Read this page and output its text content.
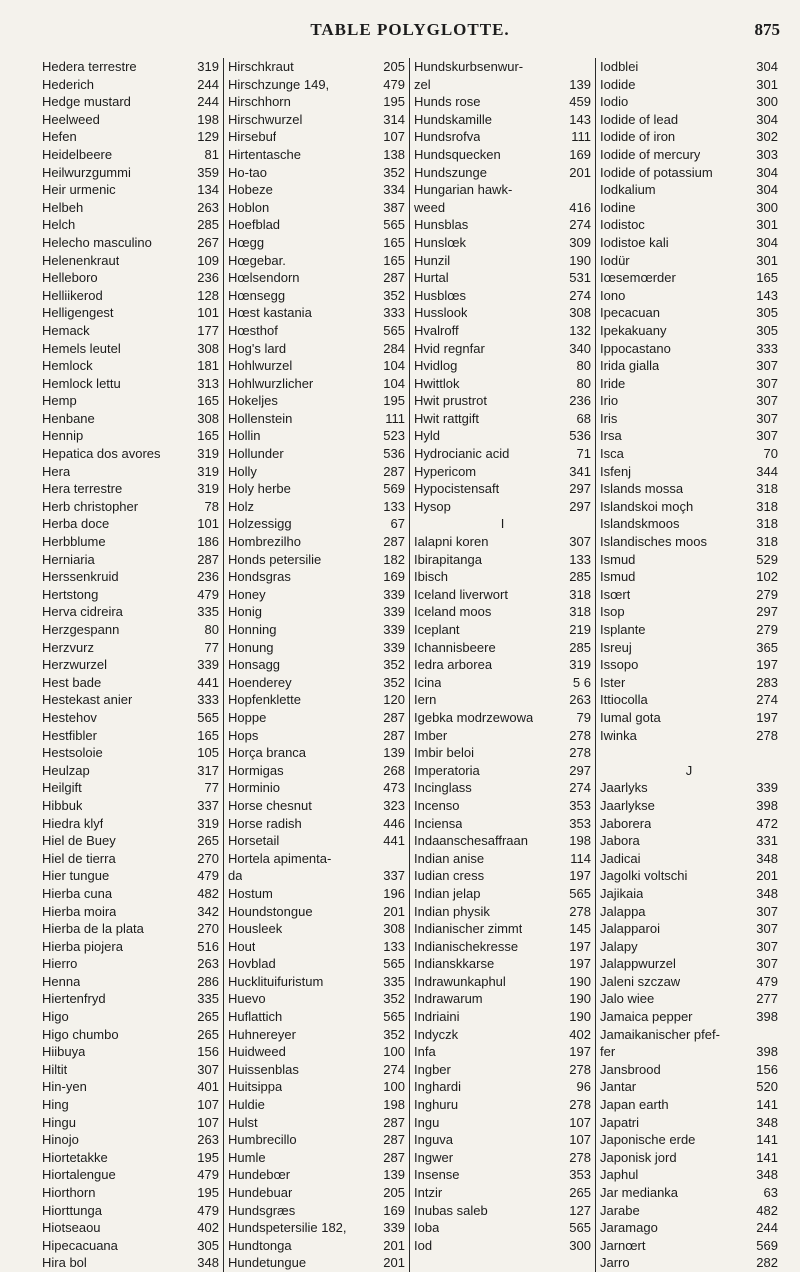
TABLE POLYGLOTTE.	875
Hedera terrestre	319
Hederich	244
Hedge mustard	244
Heelweed	198
Hefen	129
Heidelbeere	81
Heilwurzgummi	359
Heir urmenic	134
Helbeh	263
Helch	285
Helecho masculino	267
Helenenkraut	109
Helleboro	236
Helliikerod	128
Helligengest	101
Hemack	177
Hemels leutel	308
Hemlock	181
Hemlock lettu	313
Hemp	165
Henbane	308
Hennip	165
Hepatica dos avores	319
Hera	319
Hera terrestre	319
Herb christopher	78
Herba doce	101
Herbblume	186
Herniaria	287
Herssenkruid	236
Hertstong	479
Herva cidreira	335
Herzgespann	80
Herzvurz	77
Herzwurzel	339
Hest bade	441
Hestekast anier	333
Hestehov	565
Hestfibler	165
Hestsoloie	105
Heulzap	317
Heilgift	77
Hibbuk	337
Hiedra klyf	319
Hiel de Buey	265
Hiel de tierra	270
Hier tungue	479
Hierba cuna	482
Hierba moira	342
Hierba de la plata	270
Hierba piojera	516
Hierro	263
Henna	286
Hiertenfryd	335
Higo	265
Higo chumbo	265
Hiibuya	156
Hiltit	307
Hin-yen	401
Hing	107
Hingu	107
Hinojo	263
Hiortetakke	195
Hiortalengue	479
Hiorthorn	195
Hiorttunga	479
Hiotseaou	402
Hipecacuana	305
Hira bol	348
Hirschkraut	205
Hirschzunge 149,	479
Hirschhorn	195
Hirschwurzel	314
Hirsebuf	107
Hirtentasche	138
Ho-tao	352
Hobeze	334
Hoblon	387
Hoefblad	565
Hœgg	165
Hœgebar.	165
Hœlsendorn	287
Hœnsegg	352
Hœst kastania	333
Hœsthof	565
Hog's lard	284
Hohlwurzel	104
Hohlwurzlicher	104
Hokeljes	195
Hollenstein	111
Hollin	523
Hollunder	536
Holly	287
Holy herbe	569
Holz	133
Holzessigg	67
Hombrezilho	287
Honds petersilie	182
Hondsgras	169
Honey	339
Honig	339
Honning	339
Honung	339
Honsagg	352
Hoenderey	352
Hopfenklette	120
Hoppe	287
Hops	287
Horça branca	139
Hormigas	268
Horminio	473
Horse chesnut	323
Horse radish	446
Horsetail	441
Hortela apimenta-
da	337
Hostum	196
Houndstongue	201
Housleek	308
Hout	133
Hovblad	565
Hucklituifuristum	335
Huevo	352
Huflattich	565
Huhnereyer	352
Huidweed	100
Huissenblas	274
Huitsippa	100
Huldie	198
Hulst	287
Humbrecillo	287
Humle	287
Hundebœr	139
Hundebuar	205
Hundsgræs	169
Hundspetersilie 182,	339
Hundtonga	201
Hundetungue	201
Hundskurbsenwur-
zel	139
Hunds rose	459
Hundskamille	143
Hundsrofva	111
Hundsquecken	169
Hundszunge	201
Hungarian hawk-
weed	416
Hunsblas	274
Hunslœk	309
Hunzil	190
Hurtal	531
Husblœs	274
Husslook	308
Hvalroff	132
Hvid regnfar	340
Hvidlog	80
Hwittlok	80
Hwit prustrot	236
Hwit rattgift	68
Hyld	536
Hydrocianic acid	71
Hypericom	341
Hypocistensaft	297
Hysop	297
I
Ialapni koren	307
Ibirapitanga	133
Ibisch	285
Iceland liverwort	318
Iceland moos	318
Iceplant	219
Ichannisbeere	285
Iedra arborea	319
Icina	5 6
Iern	263
Igebka modrzewowa	79
Imber	278
Imbir beloi	278
Imperatoria	297
Incinglass	274
Incenso	353
Inciensa	353
Indaanschesaffraan	198
Indian anise	114
Iudian cress	197
Indian jelap	565
Indian physik	278
Indianischer zimmt	145
Indianischekresse	197
Indianskkarse	197
Indrawunkaphul	190
Indrawarum	190
Indriaini	190
Indyczk	402
Infa	197
Ingber	278
Inghardi	96
Inghuru	278
Ingu	107
Inguva	107
Ingwer	278
Insense	353
Intzir	265
Inubas saleb	127
Ioba	565
Iod	300
Iodblei	304
Iodide	301
Iodio	300
Iodide of lead	304
Iodide of iron	302
Iodide of mercury	303
Iodide of potassium	304
Iodkalium	304
Iodine	300
Iodistoc	301
Iodistoe kali	304
Iodür	301
Iœsemœrder	165
Iono	143
Ipecacuan	305
Ipekakuany	305
Ippocastano	333
Irida gialla	307
Iride	307
Irio	307
Iris	307
Irsa	307
Isca	70
Isfenj	344
Islands mossa	318
Islandskoi moçh	318
Islandskmoos	318
Islandisches moos	318
Ismud	529
Ismud	102
Isœrt	279
Isop	297
Isplante	279
Isreuj	365
Issopo	197
Ister	283
Ittiocolla	274
Iumal gota	197
Iwinka	278
J
Jaarlyks	339
Jaarlykse	398
Jaborera	472
Jabora	331
Jadicai	348
Jagolki voltschi	201
Jajikaia	348
Jalappa	307
Jalapparoi	307
Jalapy	307
Jalappwurzel	307
Jaleni szczaw	479
Jalo wiee	277
Jamaica pepper	398
Jamaikanischer pfef-
fer	398
Jansbrood	156
Jantar	520
Japan earth	141
Japatri	348
Japonische erde	141
Japonisk jord	141
Japhul	348
Jar medianka	63
Jarabe	482
Jaramago	244
Jarnœrt	569
Jarro	282
